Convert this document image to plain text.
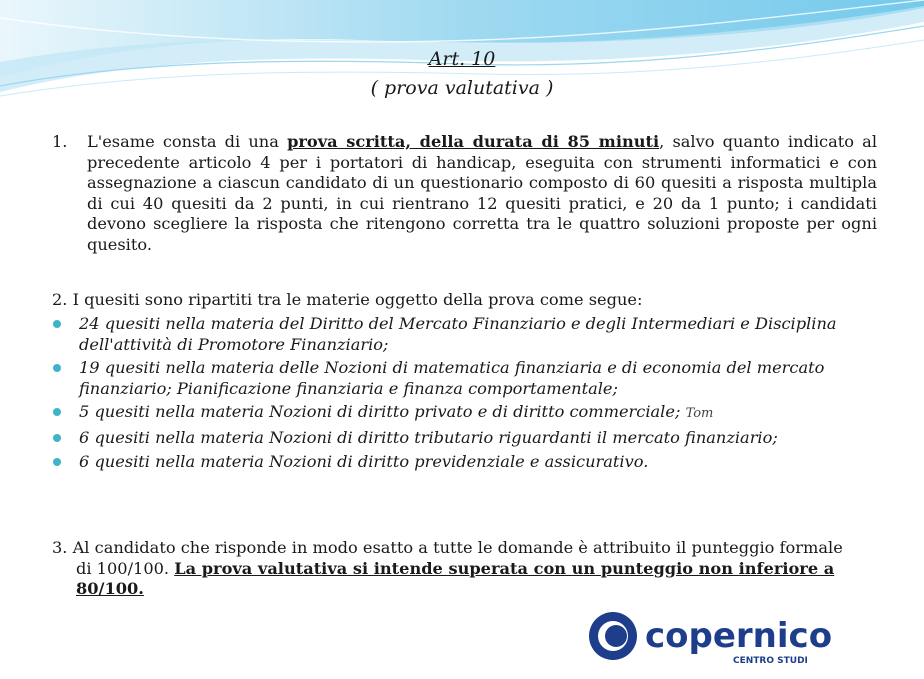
Art. 10
( prova valutativa )
1.	L'esame consta di una prova scritta, della durata di 85 minuti, salvo quanto indicato al precedente articolo 4 per i portatori di handicap, eseguita con strumenti informatici e con assegnazione a ciascun candidato di un questionario composto di 60 quesiti a risposta multipla di cui 40 quesiti da 2 punti, in cui rientrano 12 quesiti pratici, e 20 da 1 punto; i candidati devono scegliere la risposta che ritengono corretta tra le quattro soluzioni proposte per ogni quesito.
2. I quesiti sono ripartiti tra le materie oggetto della prova come segue:
24 quesiti nella materia del Diritto del Mercato Finanziario e degli Intermediari e Disciplina dell'attività di Promotore Finanziario;
19 quesiti nella materia delle Nozioni di matematica finanziaria e di economia del mercato finanziario; Pianificazione finanziaria e finanza comportamentale;
5 quesiti nella materia Nozioni di diritto privato e di diritto commerciale; Tom
6 quesiti nella materia Nozioni di diritto tributario riguardanti il mercato finanziario;
6 quesiti nella materia Nozioni di diritto previdenziale e assicurativo.
3. Al candidato che risponde in modo esatto a tutte le domande è attribuito il punteggio formale
di 100/100. La prova valutativa si intende superata con un punteggio non inferiore a 80/100.
copernico
CENTRO STUDI
